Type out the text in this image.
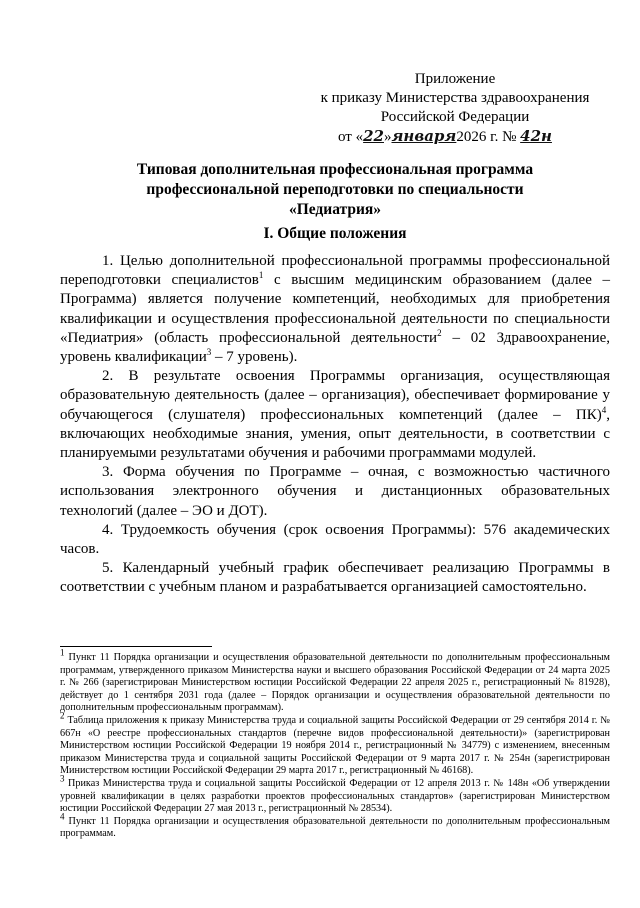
Приложение
к приказу Министерства здравоохранения
Российской Федерации
от «22»января2026 г. № 42н
Типовая дополнительная профессиональная программа
профессиональной переподготовки по специальности
«Педиатрия»
I. Общие положения

1. Целью дополнительной профессиональной программы профессиональной переподготовки специалистов$^1$ с высшим медицинским образованием (далее – Программа) является получение компетенций, необходимых для приобретения квалификации и осуществления профессиональной деятельности по специальности «Педиатрия» (область профессиональной деятельности$^2$ – 02 Здравоохранение, уровень квалификации$^3$ – 7 уровень).

2. В результате освоения Программы организация, осуществляющая образовательную деятельность (далее – организация), обеспечивает формирование у обучающегося (слушателя) профессиональных компетенций (далее – ПК)$^4$, включающих необходимые знания, умения, опыт деятельности, в соответствии с планируемыми результатами обучения и рабочими программами модулей.

3. Форма обучения по Программе – очная, с возможностью частичного использования электронного обучения и дистанционных образовательных технологий (далее – ЭО и ДОТ).

4. Трудоемкость обучения (срок освоения Программы): 576 академических часов.

5. Календарный учебный график обеспечивает реализацию Программы в соответствии с учебным планом и разрабатывается организацией самостоятельно.

$^1$ Пункт 11 Порядка организации и осуществления образовательной деятельности по дополнительным профессиональным программам, утвержденного приказом Министерства науки и высшего образования Российской Федерации от 24 марта 2025 г. № 266 (зарегистрирован Министерством юстиции Российской Федерации 22 апреля 2025 г., регистрационный № 81928), действует до 1 сентября 2031 года (далее – Порядок организации и осуществления образовательной деятельности по дополнительным профессиональным программам).

$^2$ Таблица приложения к приказу Министерства труда и социальной защиты Российской Федерации от 29 сентября 2014 г. № 667н «О реестре профессиональных стандартов (перечне видов профессиональной деятельности)» (зарегистрирован Министерством юстиции Российской Федерации 19 ноября 2014 г., регистрационный № 34779) с изменением, внесенным приказом Министерства труда и социальной защиты Российской Федерации от 9 марта 2017 г. № 254н (зарегистрирован Министерством юстиции Российской Федерации 29 марта 2017 г., регистрационный № 46168).

$^3$ Приказ Министерства труда и социальной защиты Российской Федерации от 12 апреля 2013 г. № 148н «Об утверждении уровней квалификации в целях разработки проектов профессиональных стандартов» (зарегистрирован Министерством юстиции Российской Федерации 27 мая 2013 г., регистрационный № 28534).

$^4$ Пункт 11 Порядка организации и осуществления образовательной деятельности по дополнительным профессиональным программам.
